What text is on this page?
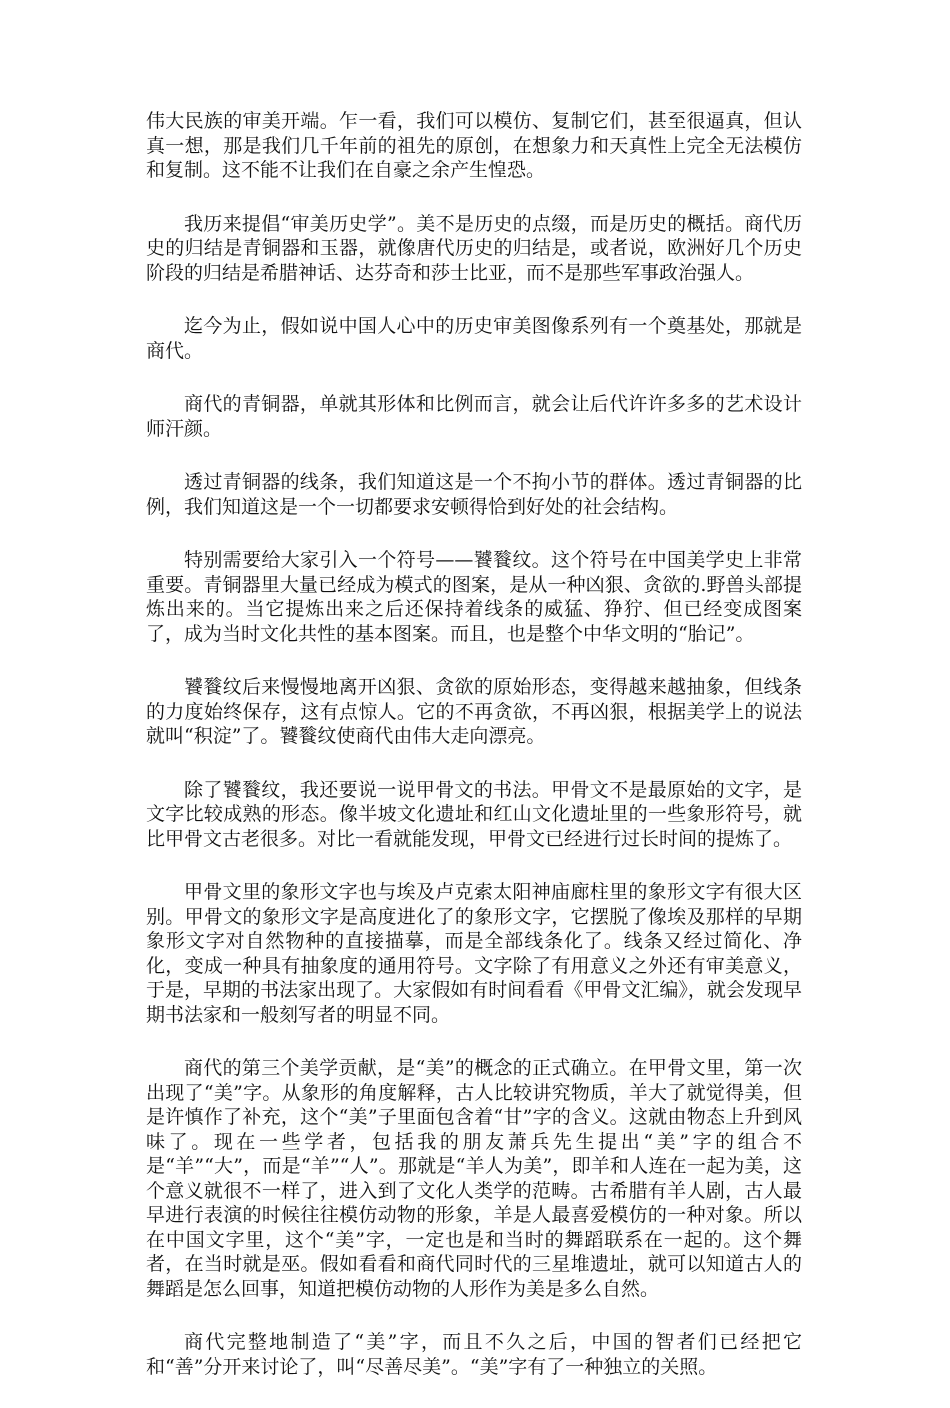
伟大民族的审美开端。乍一看，我们可以模仿、复制它们，甚至很逼真，但认真一想，那是我们几千年前的祖先的原创，在想象力和天真性上完全无法模仿和复制。这不能不让我们在自豪之余产生惶恐。

我历来提倡“审美历史学”。美不是历史的点缀，而是历史的概括。商代历史的归结是青铜器和玉器，就像唐代历史的归结是，或者说，欧洲好几个历史阶段的归结是希腊神话、达芬奇和莎士比亚，而不是那些军事政治强人。

迄今为止，假如说中国人心中的历史审美图像系列有一个奠基处，那就是商代。

商代的青铜器，单就其形体和比例而言，就会让后代许许多多的艺术设计师汗颜。

透过青铜器的线条，我们知道这是一个不拘小节的群体。透过青铜器的比例，我们知道这是一个一切都要求安顿得恰到好处的社会结构。

特别需要给大家引入一个符号——饕餮纹。这个符号在中国美学史上非常重要。青铜器里大量已经成为模式的图案，是从一种凶狠、贪欲的.野兽头部提炼出来的。当它提炼出来之后还保持着线条的威猛、狰狞、但已经变成图案了，成为当时文化共性的基本图案。而且，也是整个中华文明的“胎记”。

饕餮纹后来慢慢地离开凶狠、贪欲的原始形态，变得越来越抽象，但线条的力度始终保存，这有点惊人。它的不再贪欲，不再凶狠，根据美学上的说法就叫“积淀”了。饕餮纹使商代由伟大走向漂亮。

除了饕餮纹，我还要说一说甲骨文的书法。甲骨文不是最原始的文字，是文字比较成熟的形态。像半坡文化遗址和红山文化遗址里的一些象形符号，就比甲骨文古老很多。对比一看就能发现，甲骨文已经进行过长时间的提炼了。

甲骨文里的象形文字也与埃及卢克索太阳神庙廊柱里的象形文字有很大区别。甲骨文的象形文字是高度进化了的象形文字，它摆脱了像埃及那样的早期象形文字对自然物种的直接描摹，而是全部线条化了。线条又经过简化、净化，变成一种具有抽象度的通用符号。文字除了有用意义之外还有审美意义，于是，早期的书法家出现了。大家假如有时间看看《甲骨文汇编》，就会发现早期书法家和一般刻写者的明显不同。

商代的第三个美学贡献，是“美”的概念的正式确立。在甲骨文里，第一次出现了“美”字。从象形的角度解释，古人比较讲究物质，羊大了就觉得美，但是许慎作了补充，这个“美”子里面包含着“甘”字的含义。这就由物态上升到风味了。现在一些学者，包括我的朋友萧兵先生提出“美”字的组合不是“羊”“大”，而是“羊”“人”。那就是“羊人为美”，即羊和人连在一起为美，这个意义就很不一样了，进入到了文化人类学的范畴。古希腊有羊人剧，古人最早进行表演的时候往往模仿动物的形象，羊是人最喜爱模仿的一种对象。所以在中国文字里，这个“美”字，一定也是和当时的舞蹈联系在一起的。这个舞者，在当时就是巫。假如看看和商代同时代的三星堆遗址，就可以知道古人的舞蹈是怎么回事，知道把模仿动物的人形作为美是多么自然。

商代完整地制造了“美”字，而且不久之后，中国的智者们已经把它和“善”分开来讨论了，叫“尽善尽美”。“美”字有了一种独立的关照。
